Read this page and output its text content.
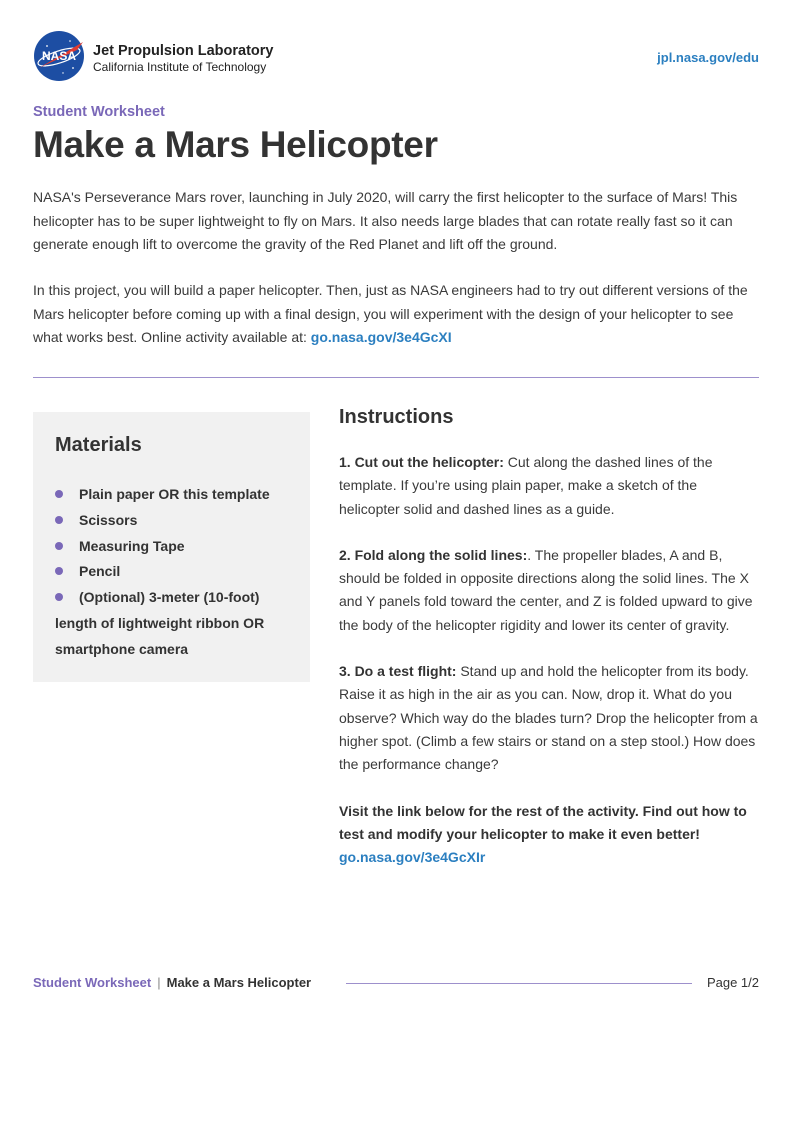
NASA Jet Propulsion Laboratory
California Institute of Technology
jpl.nasa.gov/edu
Student Worksheet
Make a Mars Helicopter

NASA's Perseverance Mars rover, launching in July 2020, will carry the first helicopter to the surface of Mars! This helicopter has to be super lightweight to fly on Mars. It also needs large blades that can rotate really fast so it can generate enough lift to overcome the gravity of the Red Planet and lift off the ground.

In this project, you will build a paper helicopter. Then, just as NASA engineers had to try out different versions of the Mars helicopter before coming up with a final design, you will experiment with the design of your helicopter to see what works best. Online activity available at: go.nasa.gov/3e4GcXI

Materials
Plain paper OR this template
Scissors
Measuring Tape
Pencil
(Optional) 3-meter (10-foot) length of lightweight ribbon OR smartphone camera
Instructions

1. Cut out the helicopter: Cut along the dashed lines of the template. If you’re using plain paper, make a sketch of the helicopter solid and dashed lines as a guide.

2. Fold along the solid lines:. The propeller blades, A and B, should be folded in opposite directions along the solid lines. The X and Y panels fold toward the center, and Z is folded upward to give the body of the helicopter rigidity and lower its center of gravity.

3. Do a test flight: Stand up and hold the helicopter from its body. Raise it as high in the air as you can. Now, drop it. What do you observe? Which way do the blades turn? Drop the helicopter from a higher spot. (Climb a few stairs or stand on a step stool.) How does the performance change?

Visit the link below for the rest of the activity. Find out how to test and modify your helicopter to make it even better!
go.nasa.gov/3e4GcXIr

Student Worksheet | Make a Mars Helicopter	Page 1/2
